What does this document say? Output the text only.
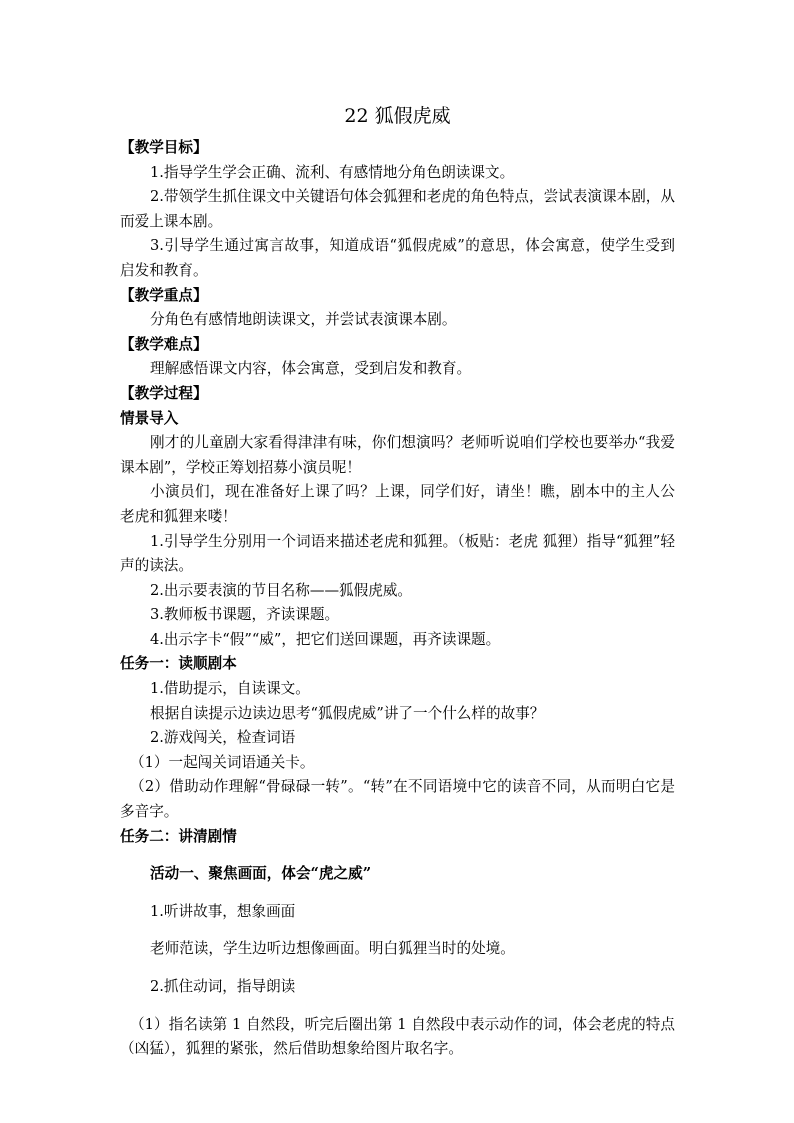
22 狐假虎威

【教学目标】

1.指导学生学会正确、流利、有感情地分角色朗读课文。

2.带领学生抓住课文中关键语句体会狐狸和老虎的角色特点，尝试表演课本剧，从而爱上课本剧。

3.引导学生通过寓言故事，知道成语“狐假虎威”的意思，体会寓意，使学生受到启发和教育。

【教学重点】

分角色有感情地朗读课文，并尝试表演课本剧。

【教学难点】

理解感悟课文内容，体会寓意，受到启发和教育。

【教学过程】

情景导入

刚才的儿童剧大家看得津津有味，你们想演吗？老师听说咱们学校也要举办“我爱课本剧”，学校正筹划招募小演员呢！

小演员们，现在准备好上课了吗？上课，同学们好，请坐！瞧，剧本中的主人公老虎和狐狸来喽！

1.引导学生分别用一个词语来描述老虎和狐狸。（板贴：老虎 狐狸）指导“狐狸”轻声的读法。

2.出示要表演的节目名称——狐假虎威。

3.教师板书课题，齐读课题。

4.出示字卡“假”“威”，把它们送回课题，再齐读课题。

任务一：读顺剧本

1.借助提示，自读课文。

根据自读提示边读边思考“狐假虎威”讲了一个什么样的故事？

2.游戏闯关，检查词语

（1）一起闯关词语通关卡。

（2）借助动作理解“骨碌碌一转”。“转”在不同语境中它的读音不同，从而明白它是多音字。

任务二：讲清剧情

活动一、聚焦画面，体会“虎之威”

1.听讲故事，想象画面

老师范读，学生边听边想像画面。明白狐狸当时的处境。

2.抓住动词，指导朗读

（1）指名读第 1 自然段，听完后圈出第 1 自然段中表示动作的词，体会老虎的特点（凶猛），狐狸的紧张，然后借助想象给图片取名字。
